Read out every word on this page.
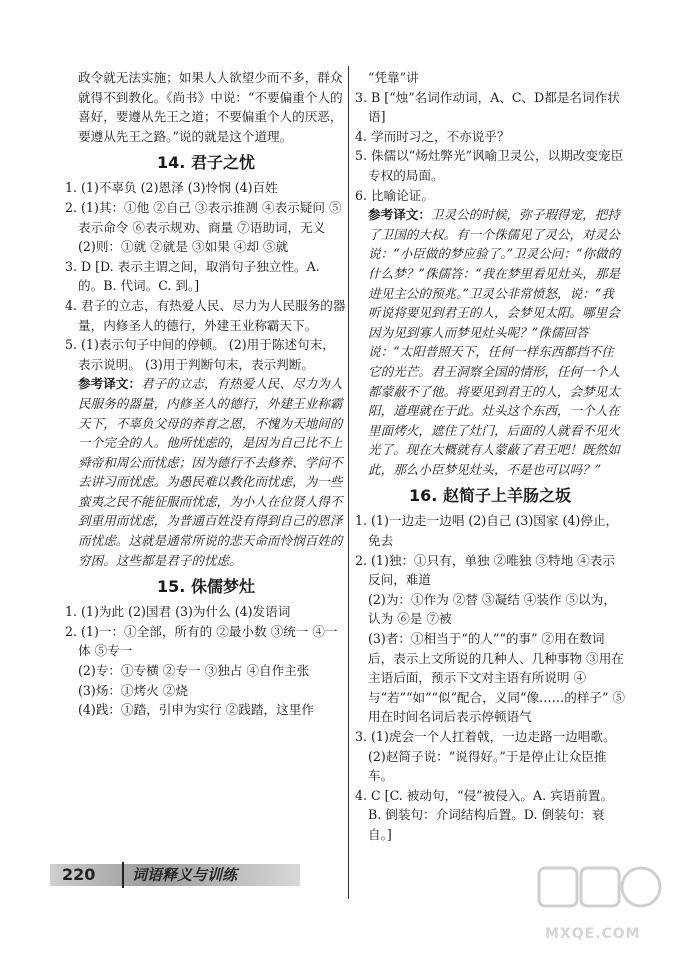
政令就无法实施；如果人人欲望少而不多，群众就得不到教化。《尚书》中说：“不要偏重个人的喜好，要遵从先王之道；不要偏重个人的厌恶，要遵从先王之路。”说的就是这个道理。

14. 君子之忧

1. (1)不辜负 (2)恩泽 (3)怜悯 (4)百姓

2. (1)其：①他 ②自己 ③表示推测 ④表示疑问 ⑤表示命令 ⑥表示规劝、商量 ⑦语助词，无义

(2)则：①就 ②就是 ③如果 ④却 ⑤就

3. D [D. 表示主谓之间，取消句子独立性。A. 的。B. 代词。C. 到。]

4. 君子的立志，有热爱人民、尽力为人民服务的器量，内修圣人的德行，外建王业称霸天下。

5. (1)表示句子中间的停顿。 (2)用于陈述句末，表示说明。 (3)用于判断句末，表示判断。

参考译文：君子的立志，有热爱人民、尽力为人民服务的器量，内修圣人的德行，外建王业称霸天下，不辜负父母的养育之恩，不愧为天地间的一个完全的人。他所忧虑的，是因为自己比不上舜帝和周公而忧虑；因为德行不去修养、学问不去讲习而忧虑。为愚民难以教化而忧虑，为一些蛮夷之民不能征服而忧虑，为小人在位贤人得不到重用而忧虑，为普通百姓没有得到自己的恩泽而忧虑。这就是通常所说的悲天命而怜悯百姓的穷困。这些都是君子的忧虑。

15. 侏儒梦灶

1. (1)为此 (2)国君 (3)为什么 (4)发语词

2. (1)一：①全部，所有的 ②最小数 ③统一 ④一体 ⑤专一

(2)专：①专横 ②专一 ③独占 ④自作主张

(3)炀：①烤火 ②烧

(4)践：①踏，引申为实行 ②践踏，这里作

“凭靠”讲

3. B [“烛”名词作动词，A、C、D都是名词作状语]

4. 学而时习之，不亦说乎？

5. 侏儒以“炀灶弊光”讽喻卫灵公，以期改变宠臣专权的局面。

6. 比喻论证。

参考译文：卫灵公的时候，弥子瑕得宠，把持了卫国的大权。有一个侏儒见了灵公，对灵公说：“小臣做的梦应验了。”卫灵公问：“你做的什么梦？”侏儒答：“我在梦里看见灶头，那是进见主公的预兆。”卫灵公非常愤怒，说：“我听说将要见到君王的人，会梦见太阳。哪里会因为见到寡人而梦见灶头呢？”侏儒回答说：“太阳普照天下，任何一样东西都挡不住它的光芒。君王洞察全国的情形，任何一个人都蒙蔽不了他。将要见到君王的人，会梦见太阳，道理就在于此。灶头这个东西，一个人在里面烤火，遮住了灶门，后面的人就看不见火光了。现在大概就有人蒙蔽了君王吧！既然如此，那么小臣梦见灶头，不是也可以吗？”

16. 赵简子上羊肠之坂

1. (1)一边走一边唱 (2)自己 (3)国家 (4)停止，免去

2. (1)独：①只有，单独 ②唯独 ③特地 ④表示反问，难道

(2)为：①作为 ②替 ③凝结 ④装作 ⑤以为，认为 ⑥是 ⑦被

(3)者：①相当于“的人”“的事” ②用在数词后，表示上文所说的几种人、几种事物 ③用在主语后面，预示下文对主语有所说明 ④与“若”“如”“似”配合，义同“像……的样子” ⑤用在时间名词后表示停顿语气

3. (1)虎会一个人扛着戟，一边走路一边唱歌。(2)赵简子说：“说得好。”于是停止让众臣推车。

4. C [C. 被动句，“侵”被侵入。A. 宾语前置。B. 倒装句：介词结构后置。D. 倒装句：衰自。]

220 词语释义与训练
MXQE.COM
